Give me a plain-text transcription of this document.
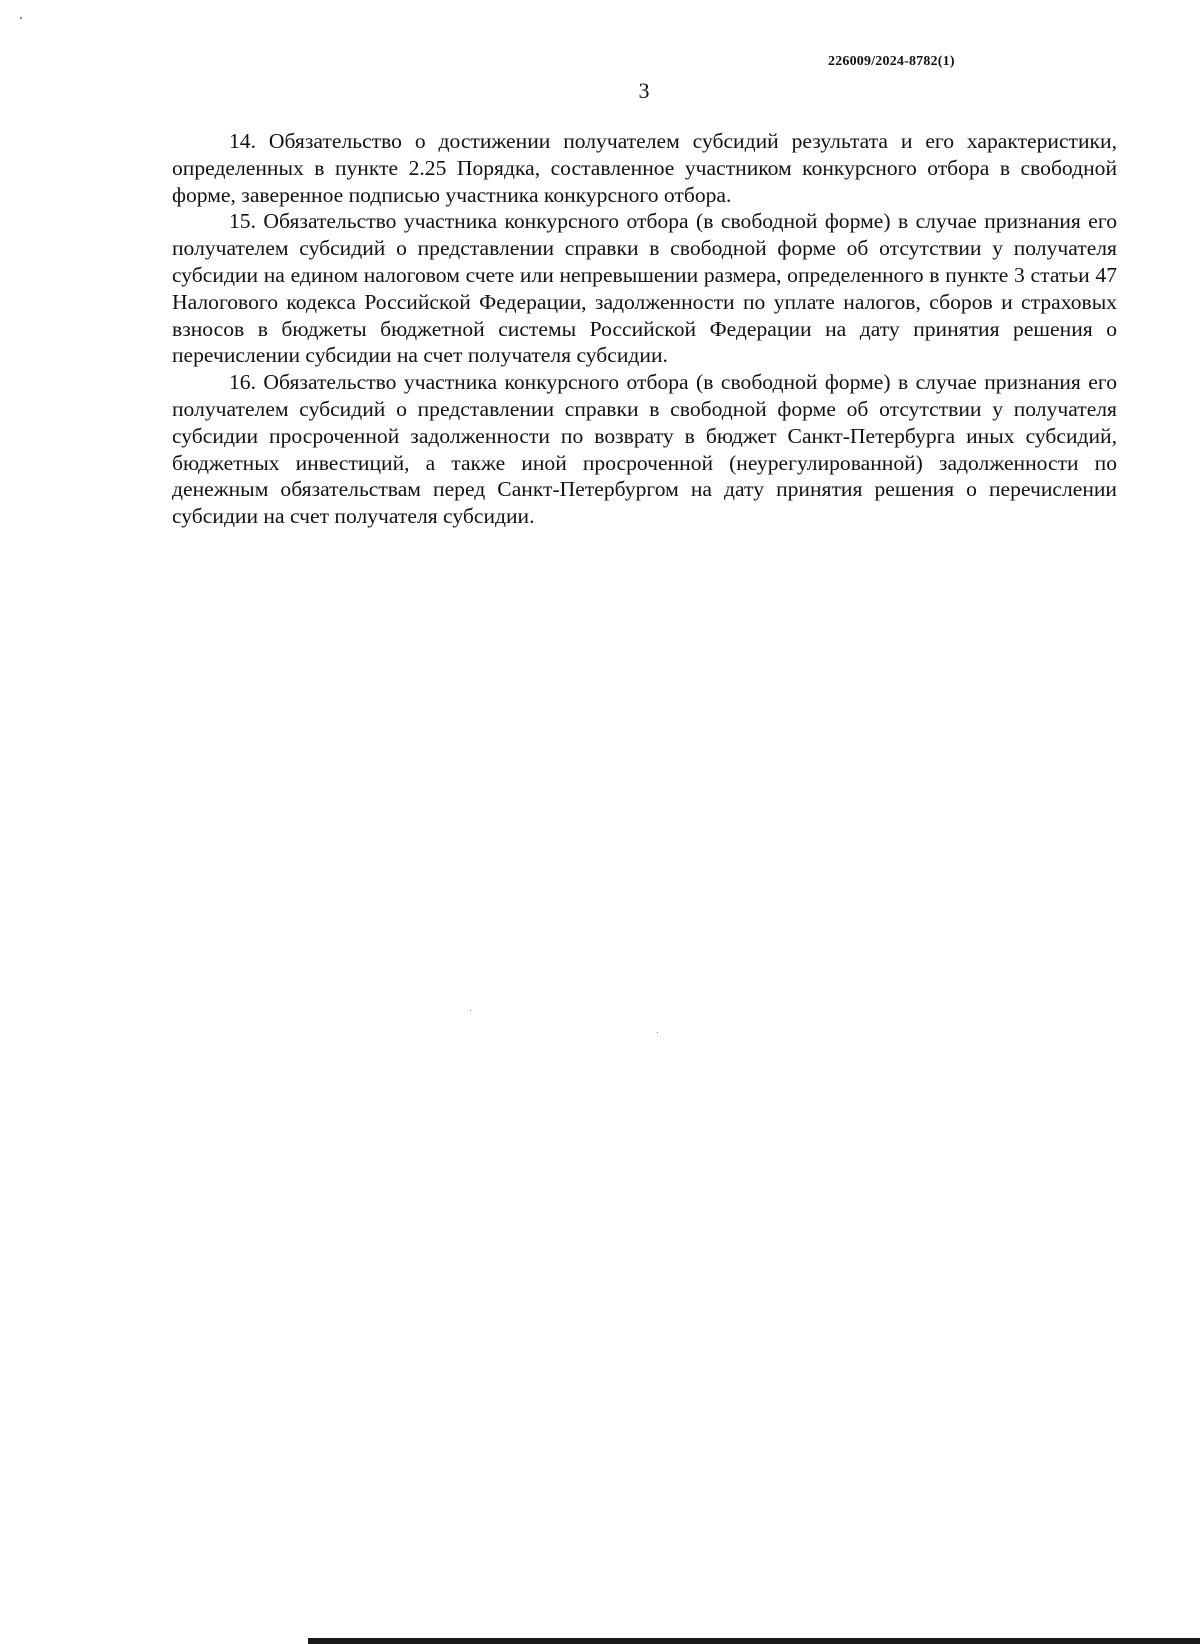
226009/2024-8782(1)
3

14. Обязательство о достижении получателем субсидий результата и его характеристики, определенных в пункте 2.25 Порядка, составленное участником конкурсного отбора в свободной форме, заверенное подписью участника конкурсного отбора.

15. Обязательство участника конкурсного отбора (в свободной форме) в случае признания его получателем субсидий о представлении справки в свободной форме об отсутствии у получателя субсидии на едином налоговом счете или непревышении размера, определенного в пункте 3 статьи 47 Налогового кодекса Российской Федерации, задолженности по уплате налогов, сборов и страховых взносов в бюджеты бюджетной системы Российской Федерации на дату принятия решения о перечислении субсидии на счет получателя субсидии.

16. Обязательство участника конкурсного отбора (в свободной форме) в случае признания его получателем субсидий о представлении справки в свободной форме об отсутствии у получателя субсидии просроченной задолженности по возврату в бюджет Санкт-Петербурга иных субсидий, бюджетных инвестиций, а также иной просроченной (неурегулированной) задолженности по денежным обязательствам перед Санкт-Петербургом на дату принятия решения о перечислении субсидии на счет получателя субсидии.
